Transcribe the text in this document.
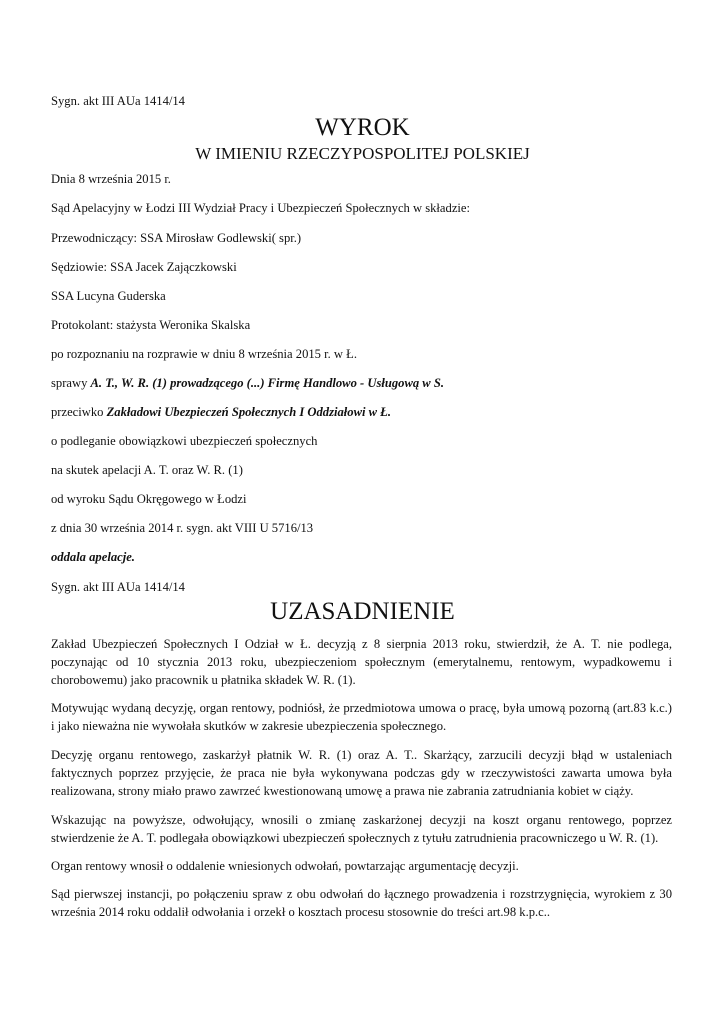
Sygn. akt III AUa 1414/14
WYROK
W IMIENIU RZECZYPOSPOLITEJ POLSKIEJ
Dnia 8 września 2015 r.
Sąd Apelacyjny w Łodzi III Wydział Pracy i Ubezpieczeń Społecznych w składzie:
Przewodniczący: SSA Mirosław Godlewski( spr.)
Sędziowie: SSA Jacek Zajączkowski
SSA Lucyna Guderska
Protokolant: stażysta Weronika Skalska
po rozpoznaniu na rozprawie w dniu 8 września 2015 r. w Ł.
sprawy A. T., W. R. (1) prowadzącego (...) Firmę Handlowo - Usługową w S.
przeciwko Zakładowi Ubezpieczeń Społecznych I Oddziałowi w Ł.
o podleganie obowiązkowi ubezpieczeń społecznych
na skutek apelacji A. T. oraz W. R. (1)
od wyroku Sądu Okręgowego w Łodzi
z dnia 30 września 2014 r. sygn. akt VIII U 5716/13
oddala apelacje.
Sygn. akt III AUa 1414/14
UZASADNIENIE
Zakład Ubezpieczeń Społecznych I Odział w Ł. decyzją z 8 sierpnia 2013 roku, stwierdził, że A. T. nie podlega, poczynając od 10 stycznia 2013 roku, ubezpieczeniom społecznym (emerytalnemu, rentowym, wypadkowemu i chorobowemu) jako pracownik u płatnika składek W. R. (1).
Motywując wydaną decyzję, organ rentowy, podniósł, że przedmiotowa umowa o pracę, była umową pozorną (art.83 k.c.) i jako nieważna nie wywołała skutków w zakresie ubezpieczenia społecznego.
Decyzję organu rentowego, zaskarżył płatnik W. R. (1) oraz A. T.. Skarżący, zarzucili decyzji błąd w ustaleniach faktycznych poprzez przyjęcie, że praca nie była wykonywana podczas gdy w rzeczywistości zawarta umowa była realizowana, strony miało prawo zawrzeć kwestionowaną umowę a prawa nie zabrania zatrudniania kobiet w ciąży.
Wskazując na powyższe, odwołujący, wnosili o zmianę zaskarżonej decyzji na koszt organu rentowego, poprzez stwierdzenie że A. T. podlegała obowiązkowi ubezpieczeń społecznych z tytułu zatrudnienia pracowniczego u W. R. (1).
Organ rentowy wnosił o oddalenie wniesionych odwołań, powtarzając argumentację decyzji.
Sąd pierwszej instancji, po połączeniu spraw z obu odwołań do łącznego prowadzenia i rozstrzygnięcia, wyrokiem z 30 września 2014 roku oddalił odwołania i orzekł o kosztach procesu stosownie do treści art.98 k.p.c..
